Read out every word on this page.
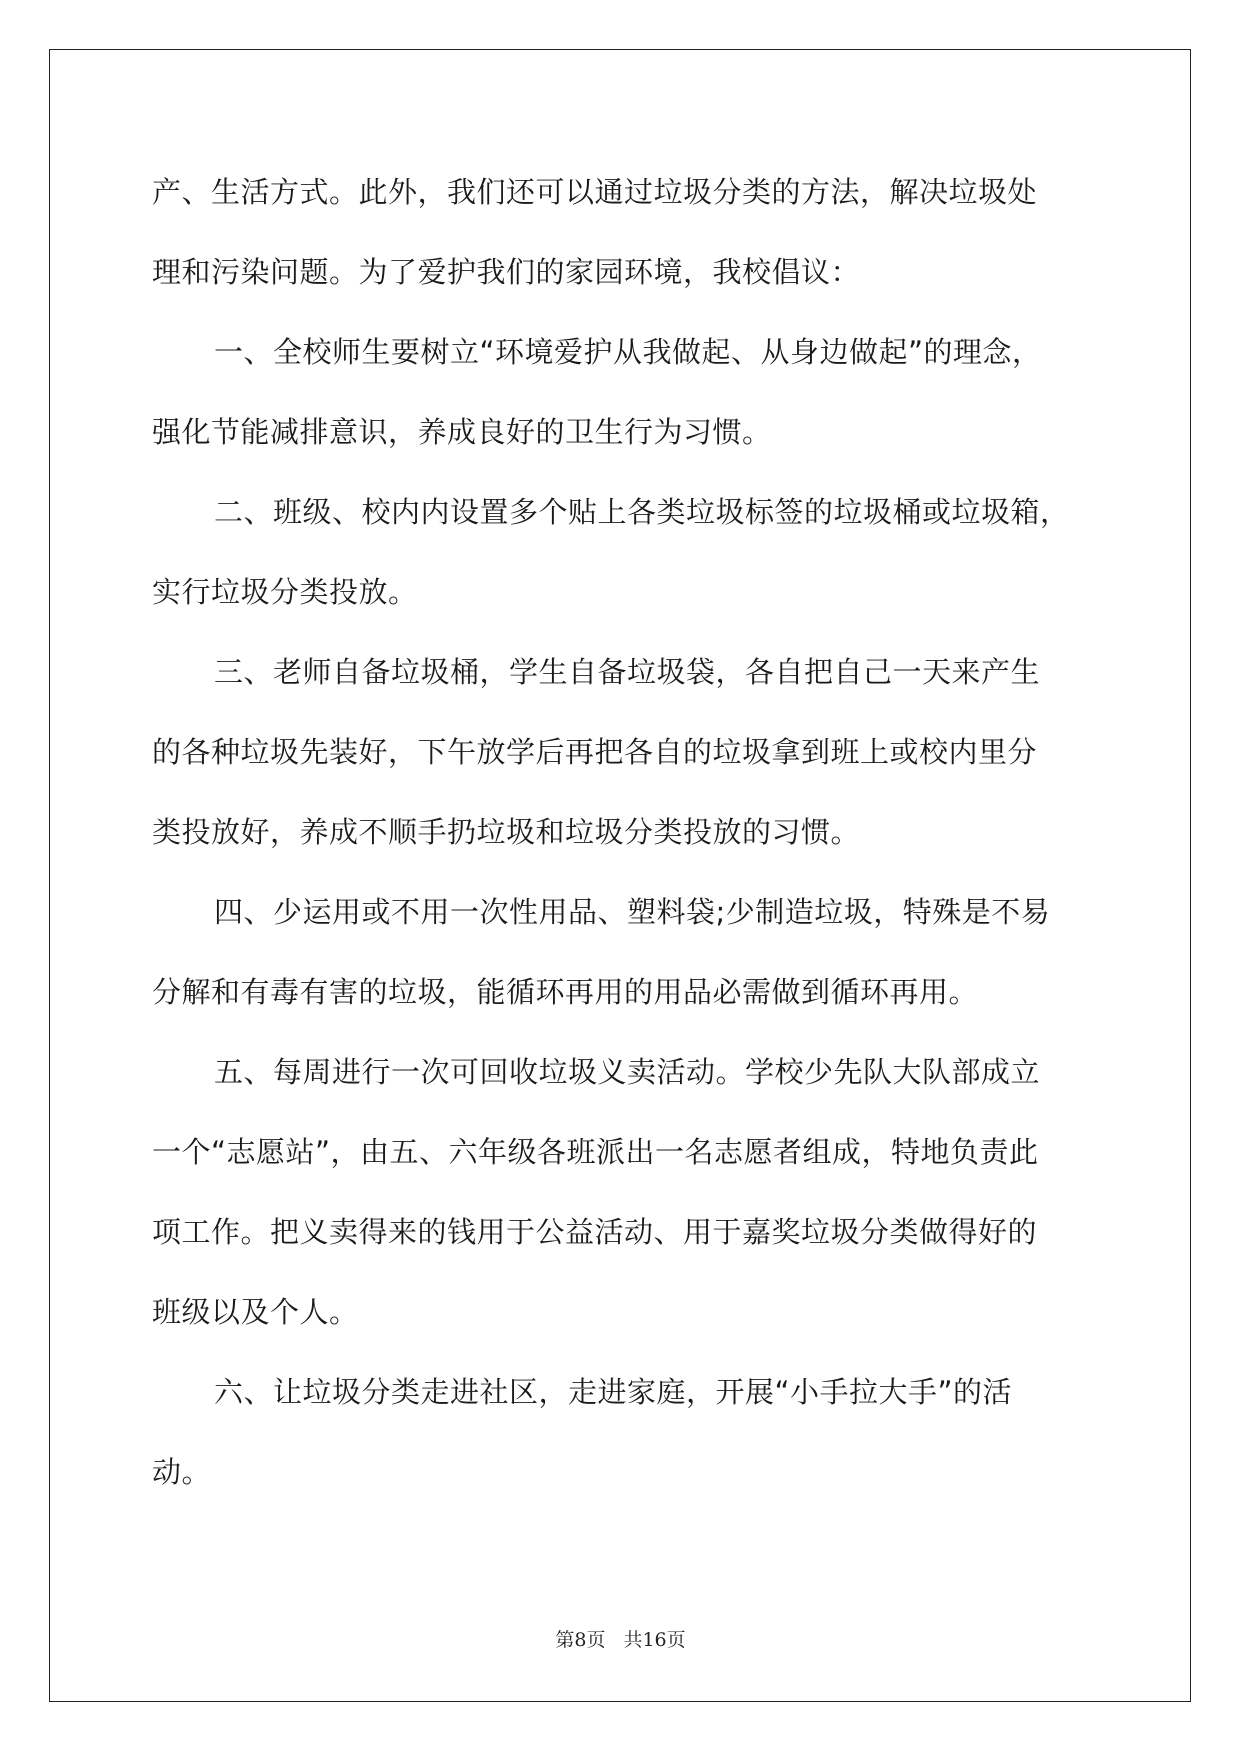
产、生活方式。此外，我们还可以通过垃圾分类的方法，解决垃圾处
理和污染问题。为了爱护我们的家园环境，我校倡议：
一、全校师生要树立“环境爱护从我做起、从身边做起”的理念，
强化节能减排意识，养成良好的卫生行为习惯。
二、班级、校内内设置多个贴上各类垃圾标签的垃圾桶或垃圾箱，
实行垃圾分类投放。
三、老师自备垃圾桶，学生自备垃圾袋，各自把自己一天来产生
的各种垃圾先装好，下午放学后再把各自的垃圾拿到班上或校内里分
类投放好，养成不顺手扔垃圾和垃圾分类投放的习惯。
四、少运用或不用一次性用品、塑料袋;少制造垃圾，特殊是不易
分解和有毒有害的垃圾，能循环再用的用品必需做到循环再用。
五、每周进行一次可回收垃圾义卖活动。学校少先队大队部成立
一个“志愿站”，由五、六年级各班派出一名志愿者组成，特地负责此
项工作。把义卖得来的钱用于公益活动、用于嘉奖垃圾分类做得好的
班级以及个人。
六、让垃圾分类走进社区，走进家庭，开展“小手拉大手”的活
动。
第8页 共16页
